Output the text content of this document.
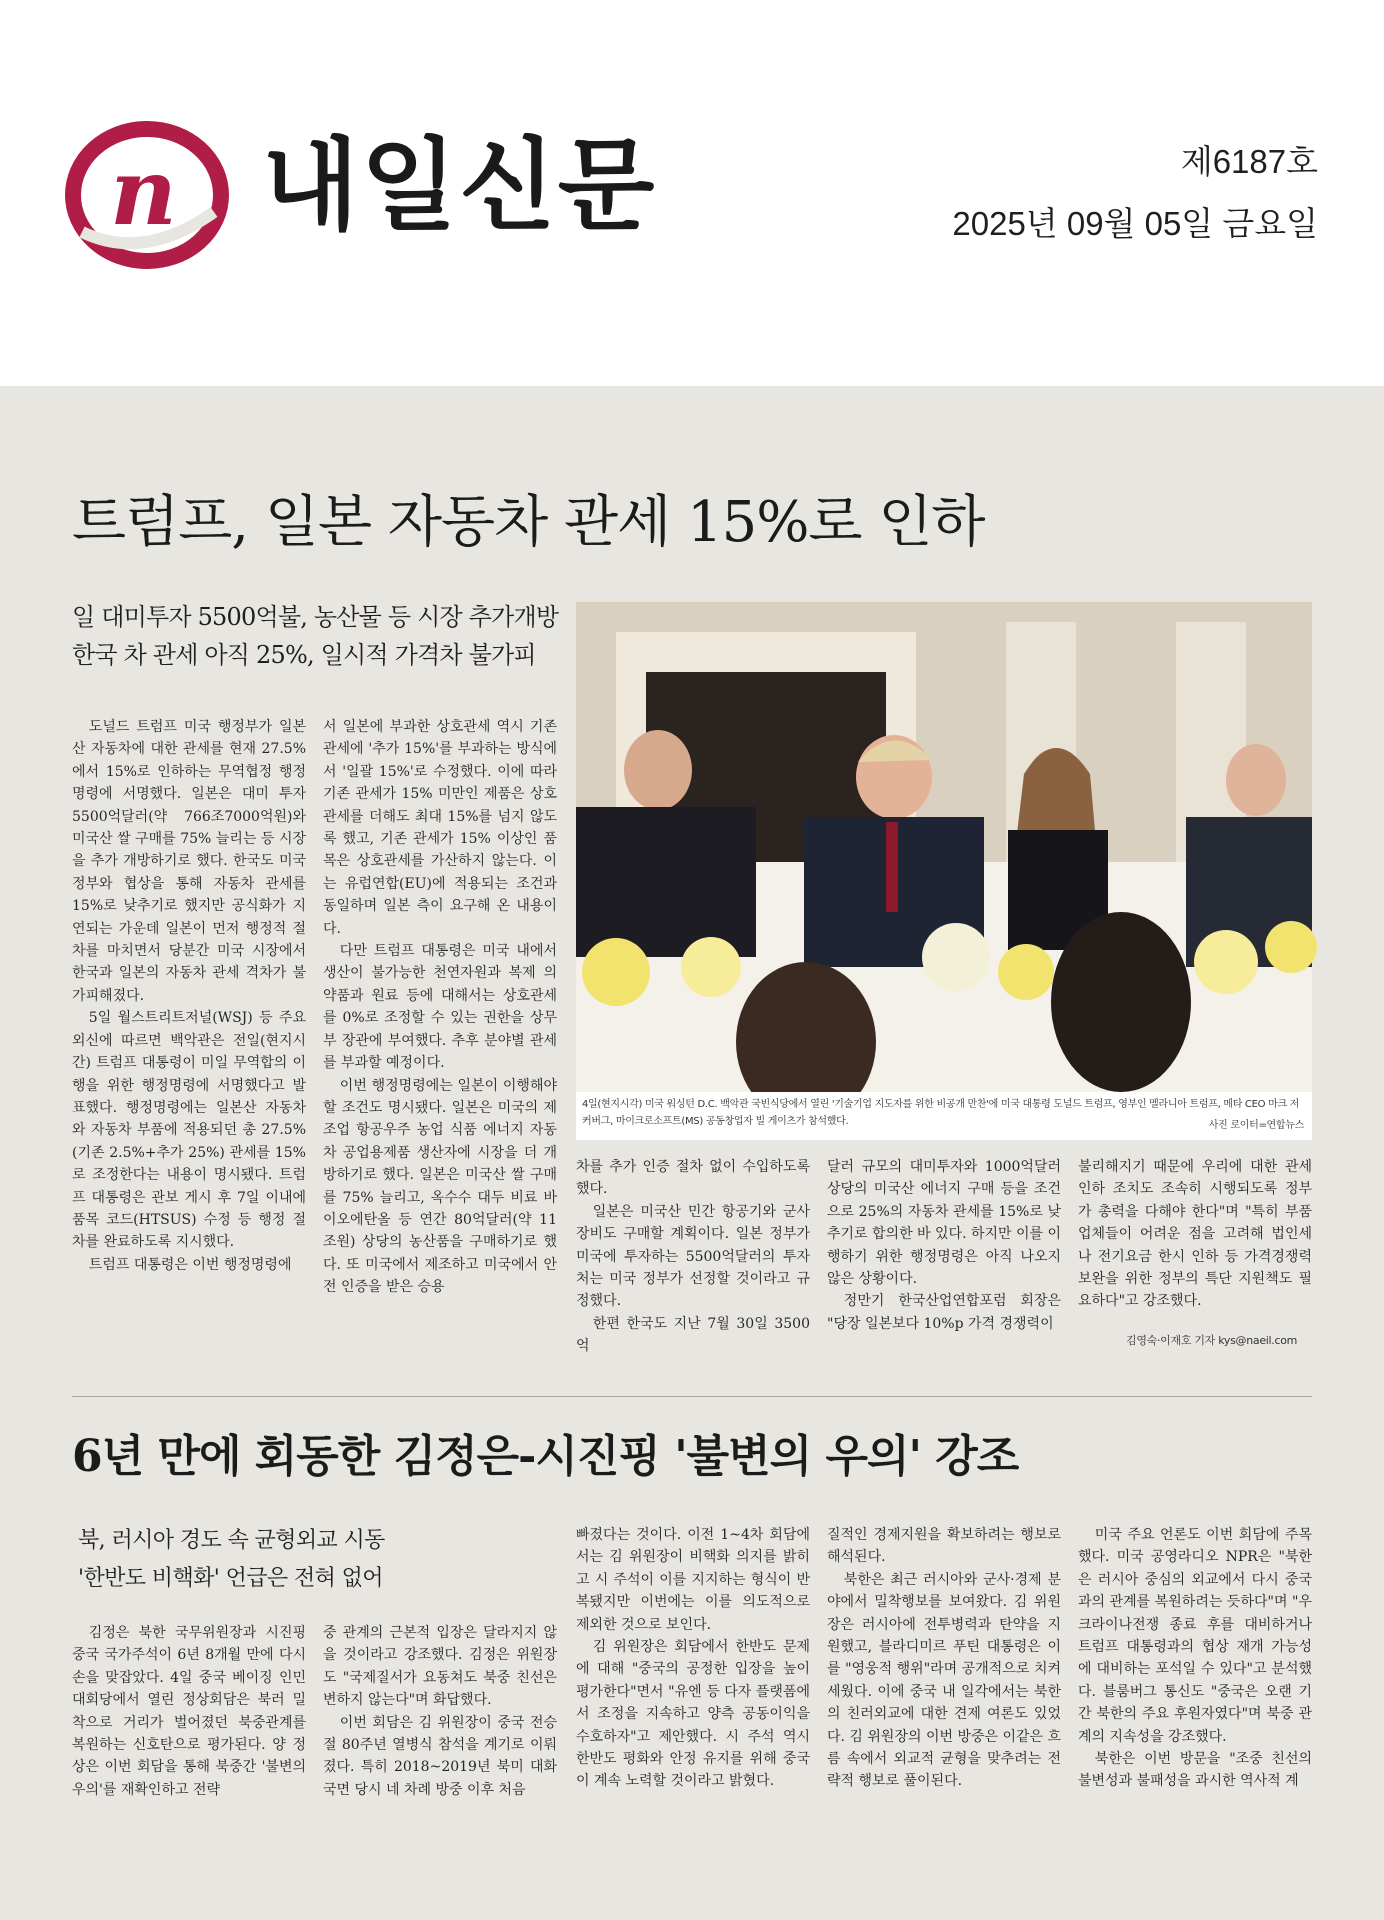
n 내일신문	제6187호
2025년 09월 05일 금요일
트럼프, 일본 자동차 관세 15%로 인하
일 대미투자 5500억불, 농산물 등 시장 추가개방
한국 차 관세 아직 25%, 일시적 가격차 불가피

도널드 트럼프 미국 행정부가 일본산 자동차에 대한 관세를 현재 27.5%에서 15%로 인하하는 무역협정 행정명령에 서명했다. 일본은 대미 투자 5500억달러(약 766조7000억원)와 미국산 쌀 구매를 75% 늘리는 등 시장을 추가 개방하기로 했다. 한국도 미국 정부와 협상을 통해 자동차 관세를 15%로 낮추기로 했지만 공식화가 지연되는 가운데 일본이 먼저 행정적 절차를 마치면서 당분간 미국 시장에서 한국과 일본의 자동차 관세 격차가 불가피해졌다.

5일 월스트리트저널(WSJ) 등 주요 외신에 따르면 백악관은 전일(현지시간) 트럼프 대통령이 미일 무역합의 이행을 위한 행정명령에 서명했다고 발표했다. 행정명령에는 일본산 자동차와 자동차 부품에 적용되던 총 27.5%(기존 2.5%+추가 25%) 관세를 15%로 조정한다는 내용이 명시됐다. 트럼프 대통령은 관보 게시 후 7일 이내에 품목 코드(HTSUS) 수정 등 행정 절차를 완료하도록 지시했다.

트럼프 대통령은 이번 행정명령에

서 일본에 부과한 상호관세 역시 기존 관세에 '추가 15%'를 부과하는 방식에서 '일괄 15%'로 수정했다. 이에 따라 기존 관세가 15% 미만인 제품은 상호관세를 더해도 최대 15%를 넘지 않도록 했고, 기존 관세가 15% 이상인 품목은 상호관세를 가산하지 않는다. 이는 유럽연합(EU)에 적용되는 조건과 동일하며 일본 측이 요구해 온 내용이다.

다만 트럼프 대통령은 미국 내에서 생산이 불가능한 천연자원과 복제 의약품과 원료 등에 대해서는 상호관세를 0%로 조정할 수 있는 권한을 상무부 장관에 부여했다. 추후 분야별 관세를 부과할 예정이다.

이번 행정명령에는 일본이 이행해야 할 조건도 명시됐다. 일본은 미국의 제조업 항공우주 농업 식품 에너지 자동차 공업용제품 생산자에 시장을 더 개방하기로 했다. 일본은 미국산 쌀 구매를 75% 늘리고, 옥수수 대두 비료 바이오에탄올 등 연간 80억달러(약 11조원) 상당의 농산품을 구매하기로 했다. 또 미국에서 제조하고 미국에서 안전 인증을 받은 승용

4일(현지시각) 미국 워싱턴 D.C. 백악관 국빈식당에서 열린 '기술기업 지도자를 위한 비공개 만찬'에 미국 대통령 도널드 트럼프, 영부인 멜라니아 트럼프, 메타 CEO 마크 저커버그, 마이크로소프트(MS) 공동창업자 빌 게이츠가 참석했다.	사진 로이터=연합뉴스

차를 추가 인증 절차 없이 수입하도록 했다.

일본은 미국산 민간 항공기와 군사장비도 구매할 계획이다. 일본 정부가 미국에 투자하는 5500억달러의 투자처는 미국 정부가 선정할 것이라고 규정했다.

한편 한국도 지난 7월 30일 3500억

달러 규모의 대미투자와 1000억달러 상당의 미국산 에너지 구매 등을 조건으로 25%의 자동차 관세를 15%로 낮추기로 합의한 바 있다. 하지만 이를 이행하기 위한 행정명령은 아직 나오지 않은 상황이다.

정만기 한국산업연합포럼 회장은 "당장 일본보다 10%p 가격 경쟁력이

불리해지기 때문에 우리에 대한 관세 인하 조치도 조속히 시행되도록 정부가 총력을 다해야 한다"며 "특히 부품업체들이 어려운 점을 고려해 법인세나 전기요금 한시 인하 등 가격경쟁력 보완을 위한 정부의 특단 지원책도 필요하다"고 강조했다.

김영숙·이재호 기자 kys@naeil.com
6년 만에 회동한 김정은-시진핑 '불변의 우의' 강조
북, 러시아 경도 속 균형외교 시동
'한반도 비핵화' 언급은 전혀 없어

김정은 북한 국무위원장과 시진핑 중국 국가주석이 6년 8개월 만에 다시 손을 맞잡았다. 4일 중국 베이징 인민대회당에서 열린 정상회담은 북러 밀착으로 거리가 벌어졌던 북중관계를 복원하는 신호탄으로 평가된다. 양 정상은 이번 회담을 통해 북중간 '불변의 우의'를 재확인하고 전략

중 관계의 근본적 입장은 달라지지 않을 것이라고 강조했다. 김정은 위원장도 "국제질서가 요동쳐도 북중 친선은 변하지 않는다"며 화답했다.

이번 회담은 김 위원장이 중국 전승절 80주년 열병식 참석을 계기로 이뤄졌다. 특히 2018~2019년 북미 대화 국면 당시 네 차례 방중 이후 처음

빠졌다는 것이다. 이전 1~4차 회담에서는 김 위원장이 비핵화 의지를 밝히고 시 주석이 이를 지지하는 형식이 반복됐지만 이번에는 이를 의도적으로 제외한 것으로 보인다.

김 위원장은 회담에서 한반도 문제에 대해 "중국의 공정한 입장을 높이 평가한다"면서 "유엔 등 다자 플랫폼에서 조정을 지속하고 양측 공동이익을 수호하자"고 제안했다. 시 주석 역시 한반도 평화와 안정 유지를 위해 중국이 계속 노력할 것이라고 밝혔다.

질적인 경제지원을 확보하려는 행보로 해석된다.

북한은 최근 러시아와 군사·경제 분야에서 밀착행보를 보여왔다. 김 위원장은 러시아에 전투병력과 탄약을 지원했고, 블라디미르 푸틴 대통령은 이를 "영웅적 행위"라며 공개적으로 치켜세웠다. 이에 중국 내 일각에서는 북한의 친러외교에 대한 견제 여론도 있었다. 김 위원장의 이번 방중은 이같은 흐름 속에서 외교적 균형을 맞추려는 전략적 행보로 풀이된다.

미국 주요 언론도 이번 회담에 주목했다. 미국 공영라디오 NPR은 "북한은 러시아 중심의 외교에서 다시 중국과의 관계를 복원하려는 듯하다"며 "우크라이나전쟁 종료 후를 대비하거나 트럼프 대통령과의 협상 재개 가능성에 대비하는 포석일 수 있다"고 분석했다. 블룸버그 통신도 "중국은 오랜 기간 북한의 주요 후원자였다"며 북중 관계의 지속성을 강조했다.

북한은 이번 방문을 "조중 친선의 불변성과 불패성을 과시한 역사적 계
